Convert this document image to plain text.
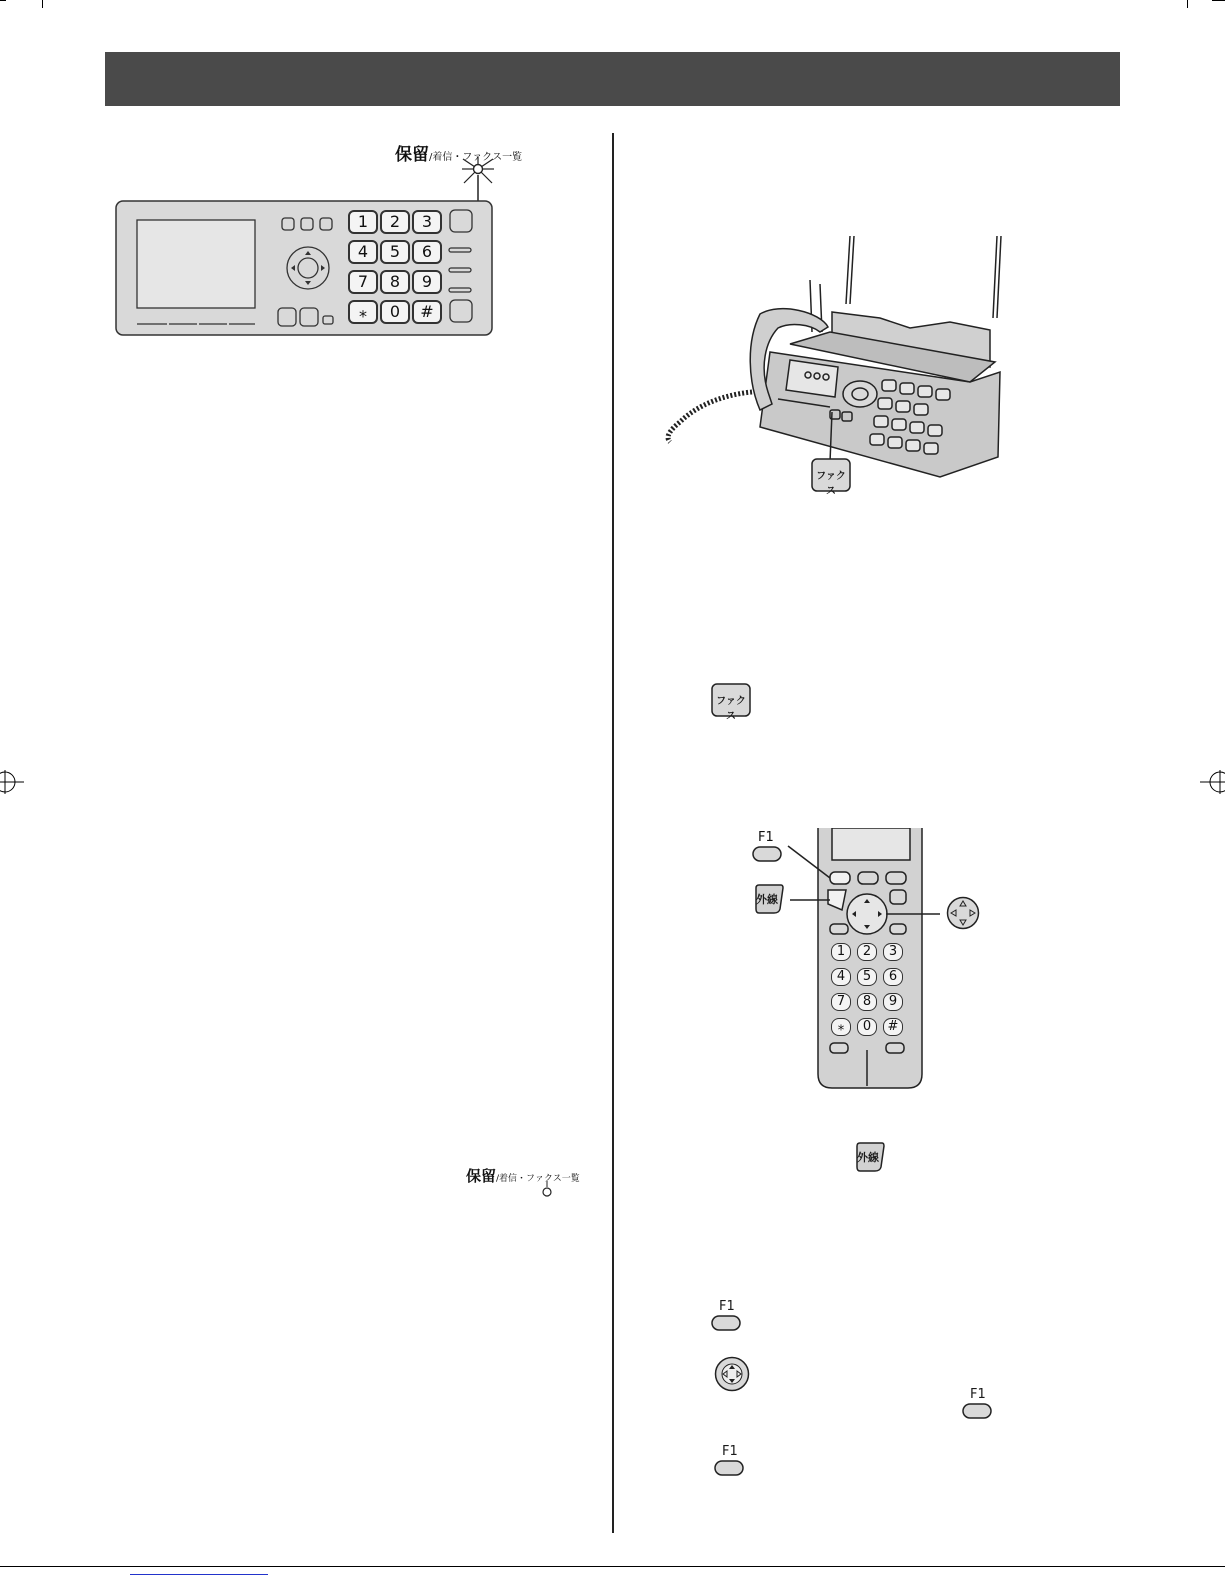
保留/着信・ファクス一覧
1	2	3
4	5	6
7	8	9
⁎	0	#
保留/着信・ファクス一覧
ファクス
ファクス
1	2	3
4	5	6
7	8	9
⁎	0	#
F1
外線
外線
F1
F1
F1
